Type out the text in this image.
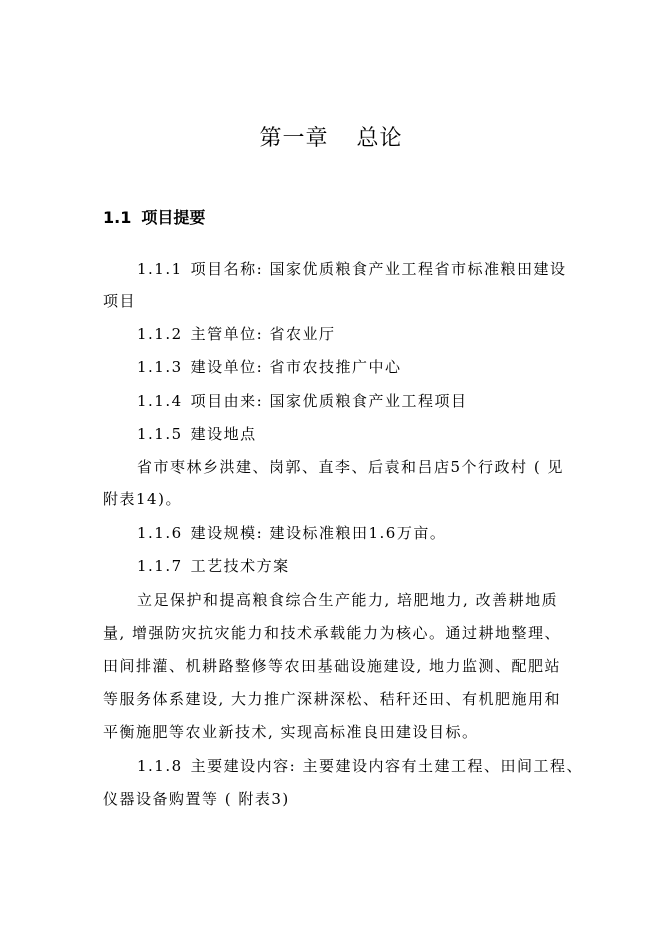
第一章 总论
1.1 项目提要
1.1.1 项目名称: 国家优质粮食产业工程省市标准粮田建设
项目
1.1.2 主管单位: 省农业厅
1.1.3 建设单位: 省市农技推广中心
1.1.4 项目由来: 国家优质粮食产业工程项目
1.1.5 建设地点
省市枣林乡洪建、岗郭、直李、后袁和吕店5个行政村 ( 见
附表14)。
1.1.6 建设规模: 建设标准粮田1.6万亩。
1.1.7 工艺技术方案
立足保护和提高粮食综合生产能力, 培肥地力, 改善耕地质
量, 增强防灾抗灾能力和技术承载能力为核心。通过耕地整理、
田间排灌、机耕路整修等农田基础设施建设, 地力监测、配肥站
等服务体系建设, 大力推广深耕深松、秸秆还田、有机肥施用和
平衡施肥等农业新技术, 实现高标准良田建设目标。
1.1.8 主要建设内容: 主要建设内容有土建工程、田间工程、
仪器设备购置等 ( 附表3)
